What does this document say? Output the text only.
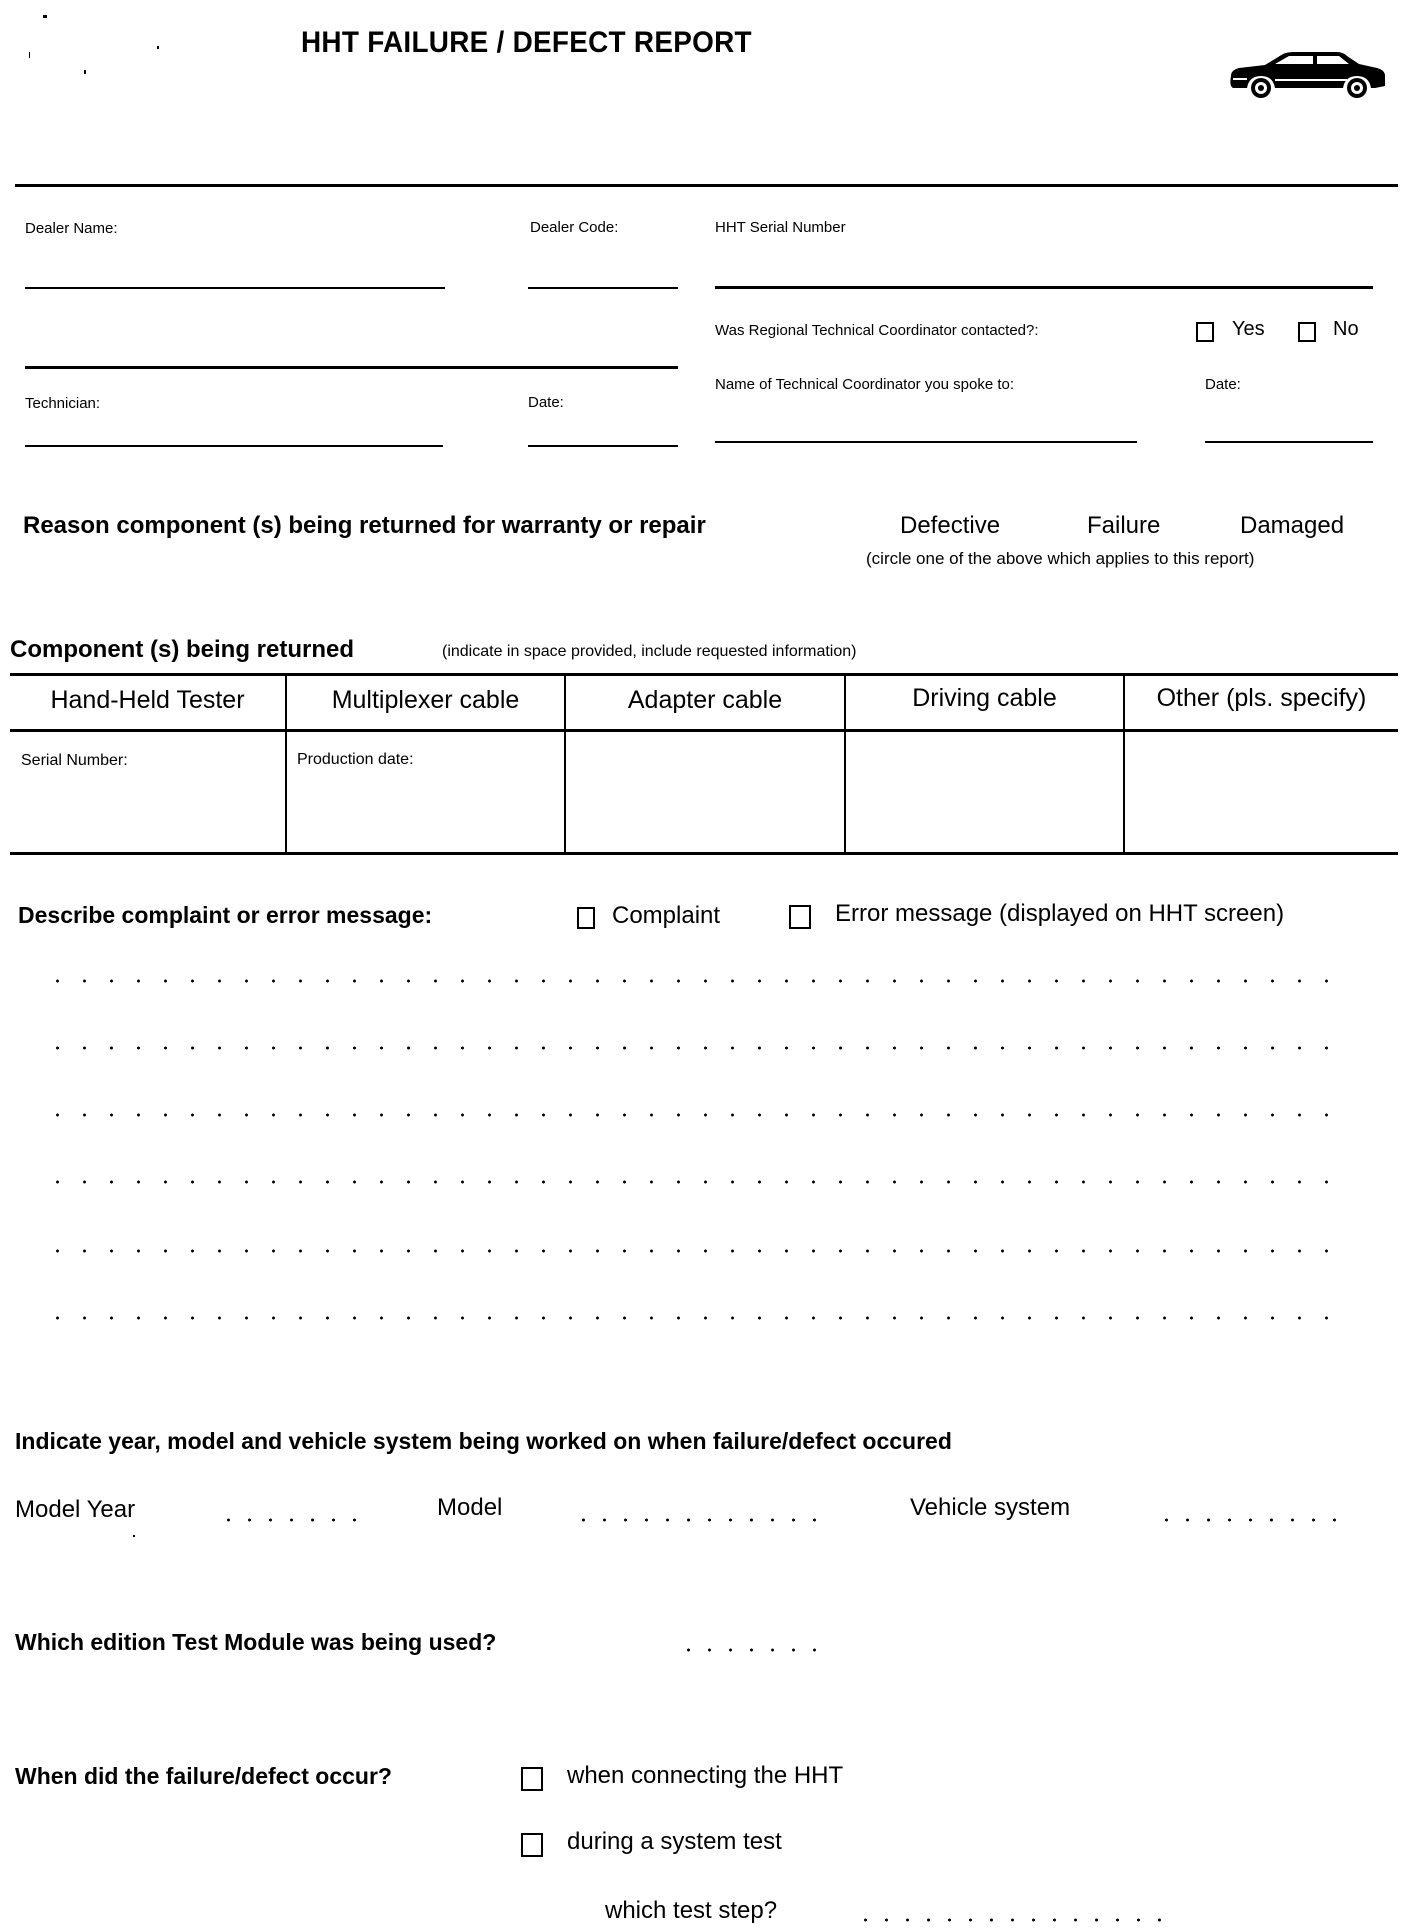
HHT FAILURE / DEFECT REPORT
Dealer Name:	Dealer Code:	HHT Serial Number
Was Regional Technical Coordinator contacted?:	Yes	No
Name of Technical Coordinator you spoke to:	Date:
Technician:	Date:
Reason component (s) being returned for warranty or repair	Defective	Failure	Damaged
(circle one of the above which applies to this report)
Component (s) being returned	(indicate in space provided, include requested information)
Hand-Held Tester	Multiplexer cable	Adapter cable	Driving cable	Other (pls. specify)
Serial Number:	Production date:
Describe complaint or error message:	Complaint	Error message (displayed on HHT screen)
Indicate year, model and vehicle system being worked on when failure/defect occured
Model Year	Model	Vehicle system
Which edition Test Module was being used?
When did the failure/defect occur?	when connecting the HHT
during a system test
which test step?
